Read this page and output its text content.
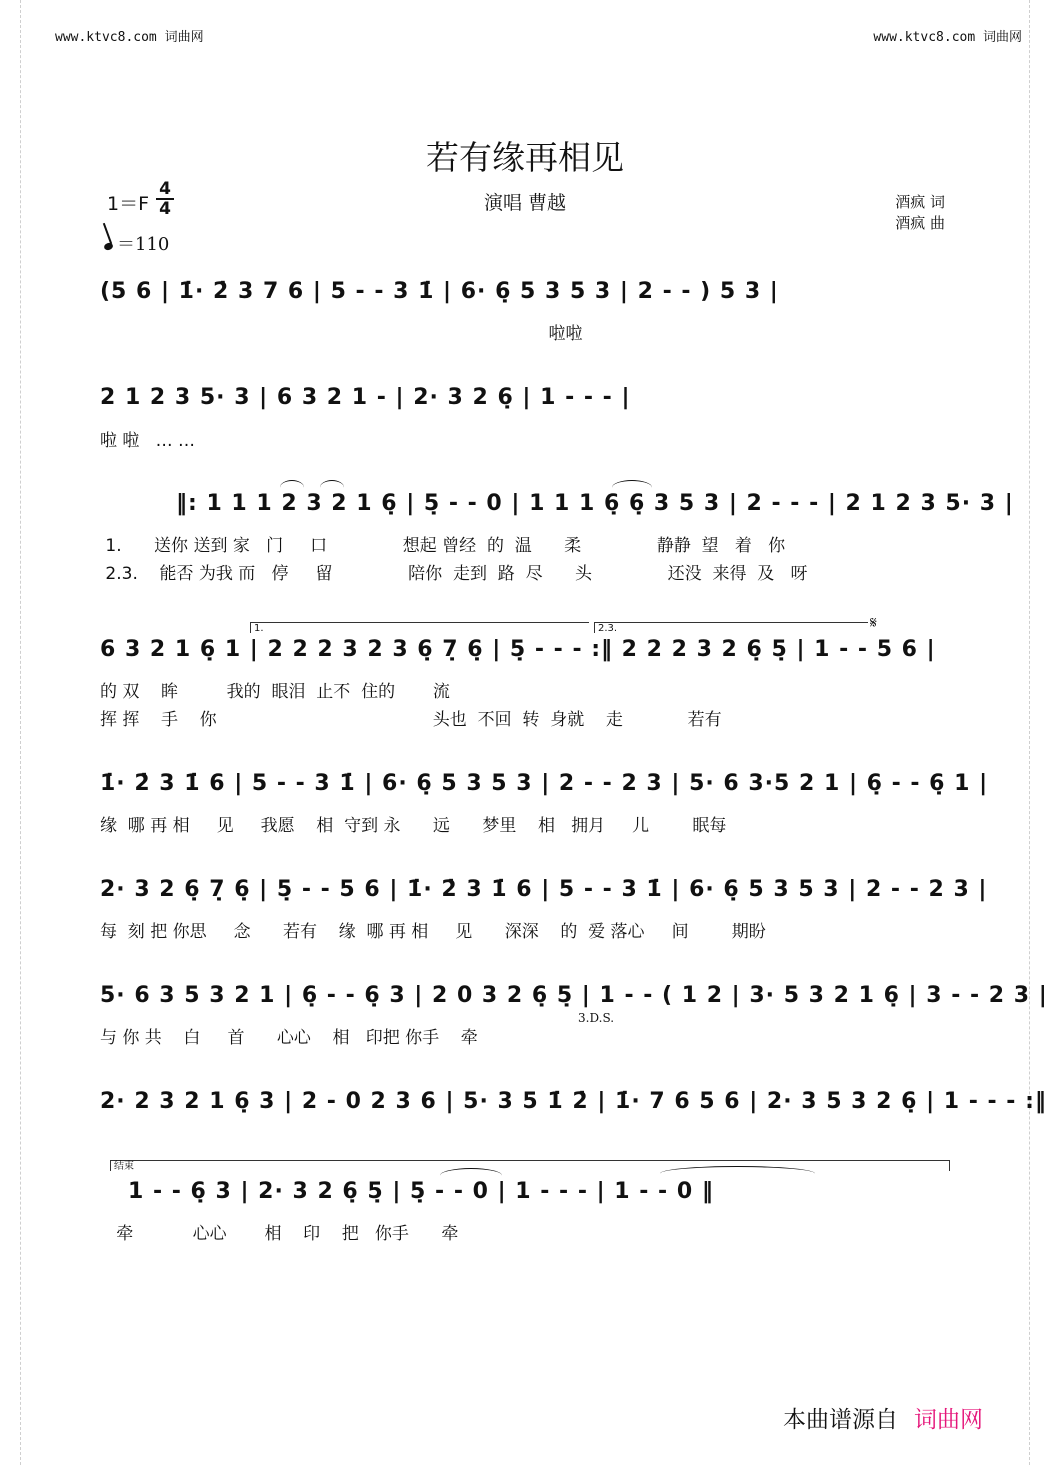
www.ktvc8.com 词曲网	www.ktvc8.com 词曲网
若有缘再相见
演唱 曹越	酒疯 词
酒疯 曲
1＝F
4
4
＝110
(5 6 | 1̇· 2̇ 3 7 6 | 5 - - 3 1̇ | 6· 6̣ 5 3 5 3 | 2 - - ) 5 3 |
啦啦
2 1 2 3 5· 3 | 6 3 2 1 - | 2· 3 2 6̣ | 1 - - - |
啦 啦   … …
‖: 1 1 1 2 3 2 1 6̣ | 5̣ - - 0 | 1 1 1 6̣ 6̣ 3 5 3 | 2 - - - | 2 1 2 3 5· 3 |
1.      送你 送到 家   门     口              想起 曾经  的  温      柔              静静  望   着   你
2.3.    能否 为我 而   停     留              陪你  走到  路  尽      头              还没  来得  及   呀
1.	2.3.	𝄋
6 3 2 1 6̣ 1 | 2 2 2 3 2 3 6̣ 7̣ 6̣ | 5̣ - - - :‖ 2 2 2 3 2 6̣ 5̣ | 1 - - 5 6 |
的 双    眸         我的  眼泪  止不  住的       流
挥 挥    手    你                                        头也  不回  转  身就    走            若有
1̇· 2̇ 3 1̇ 6 | 5 - - 3 1̇ | 6· 6̣ 5 3 5 3 | 2 - - 2 3 | 5· 6 3·5 2 1 | 6̣ - - 6̣ 1 |
缘  哪 再 相     见     我愿    相  守到 永      远      梦里    相   拥月     儿        眠每
2· 3 2 6̣ 7̣ 6̣ | 5̣ - - 5 6 | 1̇· 2̇ 3 1̇ 6 | 5 - - 3 1̇ | 6· 6̣ 5 3 5 3 | 2 - - 2 3 |
每  刻 把 你思     念      若有    缘  哪 再 相     见      深深    的  爱 落心     间        期盼
5· 6 3 5 3 2 1 | 6̣ - - 6̣ 3 | 2 0 3 2 6̣ 5̣ | 1 - - ( 1 2 | 3· 5 3 2 1 6̣ | 3 - - 2 3 |
3.D.S.
与 你 共    白     首      心心    相   印把 你手    牵
2· 2 3 2 1 6̣ 3 | 2 - 0 2 3 6 | 5· 3 5 1̇ 2̇ | 1̇· 7 6 5 6 | 2· 3 5 3 2 6̣ | 1 - - - :‖
结束
1 - - 6̣ 3 | 2· 3 2 6̣ 5̣ | 5̣ - - 0 | 1 - - - | 1 - - 0 ‖
牵           心心       相    印    把   你手      牵
本曲谱源自 词曲网
